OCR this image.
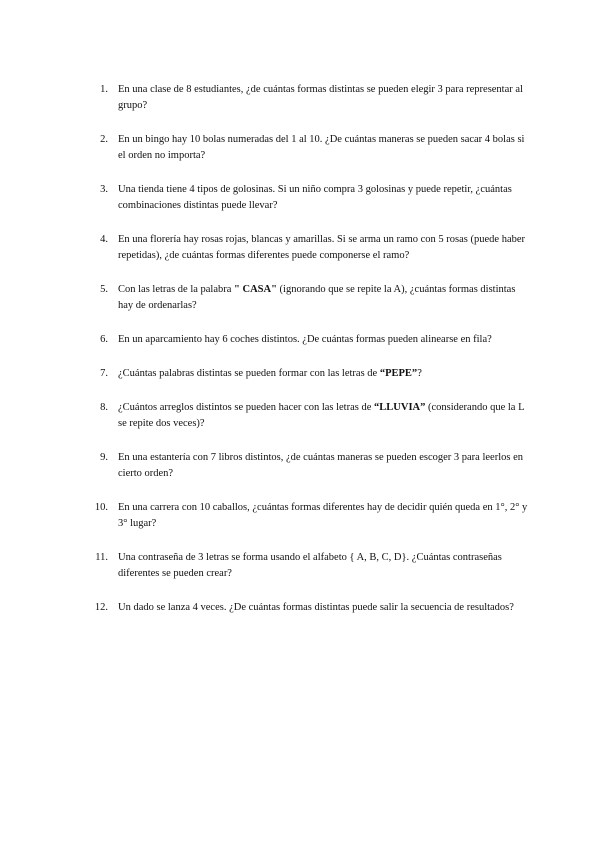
1. En una clase de 8 estudiantes, ¿de cuántas formas distintas se pueden elegir 3 para representar al grupo?
2. En un bingo hay 10 bolas numeradas del 1 al 10. ¿De cuántas maneras se pueden sacar 4 bolas si el orden no importa?
3. Una tienda tiene 4 tipos de golosinas. Si un niño compra 3 golosinas y puede repetir, ¿cuántas combinaciones distintas puede llevar?
4. En una florería hay rosas rojas, blancas y amarillas. Si se arma un ramo con 5 rosas (puede haber repetidas), ¿de cuántas formas diferentes puede componerse el ramo?
5. Con las letras de la palabra " CASA" (ignorando que se repite la A), ¿cuántas formas distintas hay de ordenarlas?
6. En un aparcamiento hay 6 coches distintos. ¿De cuántas formas pueden alinearse en fila?
7. ¿Cuántas palabras distintas se pueden formar con las letras de “PEPE”?
8. ¿Cuántos arreglos distintos se pueden hacer con las letras de “LLUVIA” (considerando que la L se repite dos veces)?
9. En una estantería con 7 libros distintos, ¿de cuántas maneras se pueden escoger 3 para leerlos en cierto orden?
10. En una carrera con 10 caballos, ¿cuántas formas diferentes hay de decidir quién queda en 1°, 2° y 3° lugar?
11. Una contraseña de 3 letras se forma usando el alfabeto { A, B, C, D}. ¿Cuántas contraseñas diferentes se pueden crear?
12. Un dado se lanza 4 veces. ¿De cuántas formas distintas puede salir la secuencia de resultados?
